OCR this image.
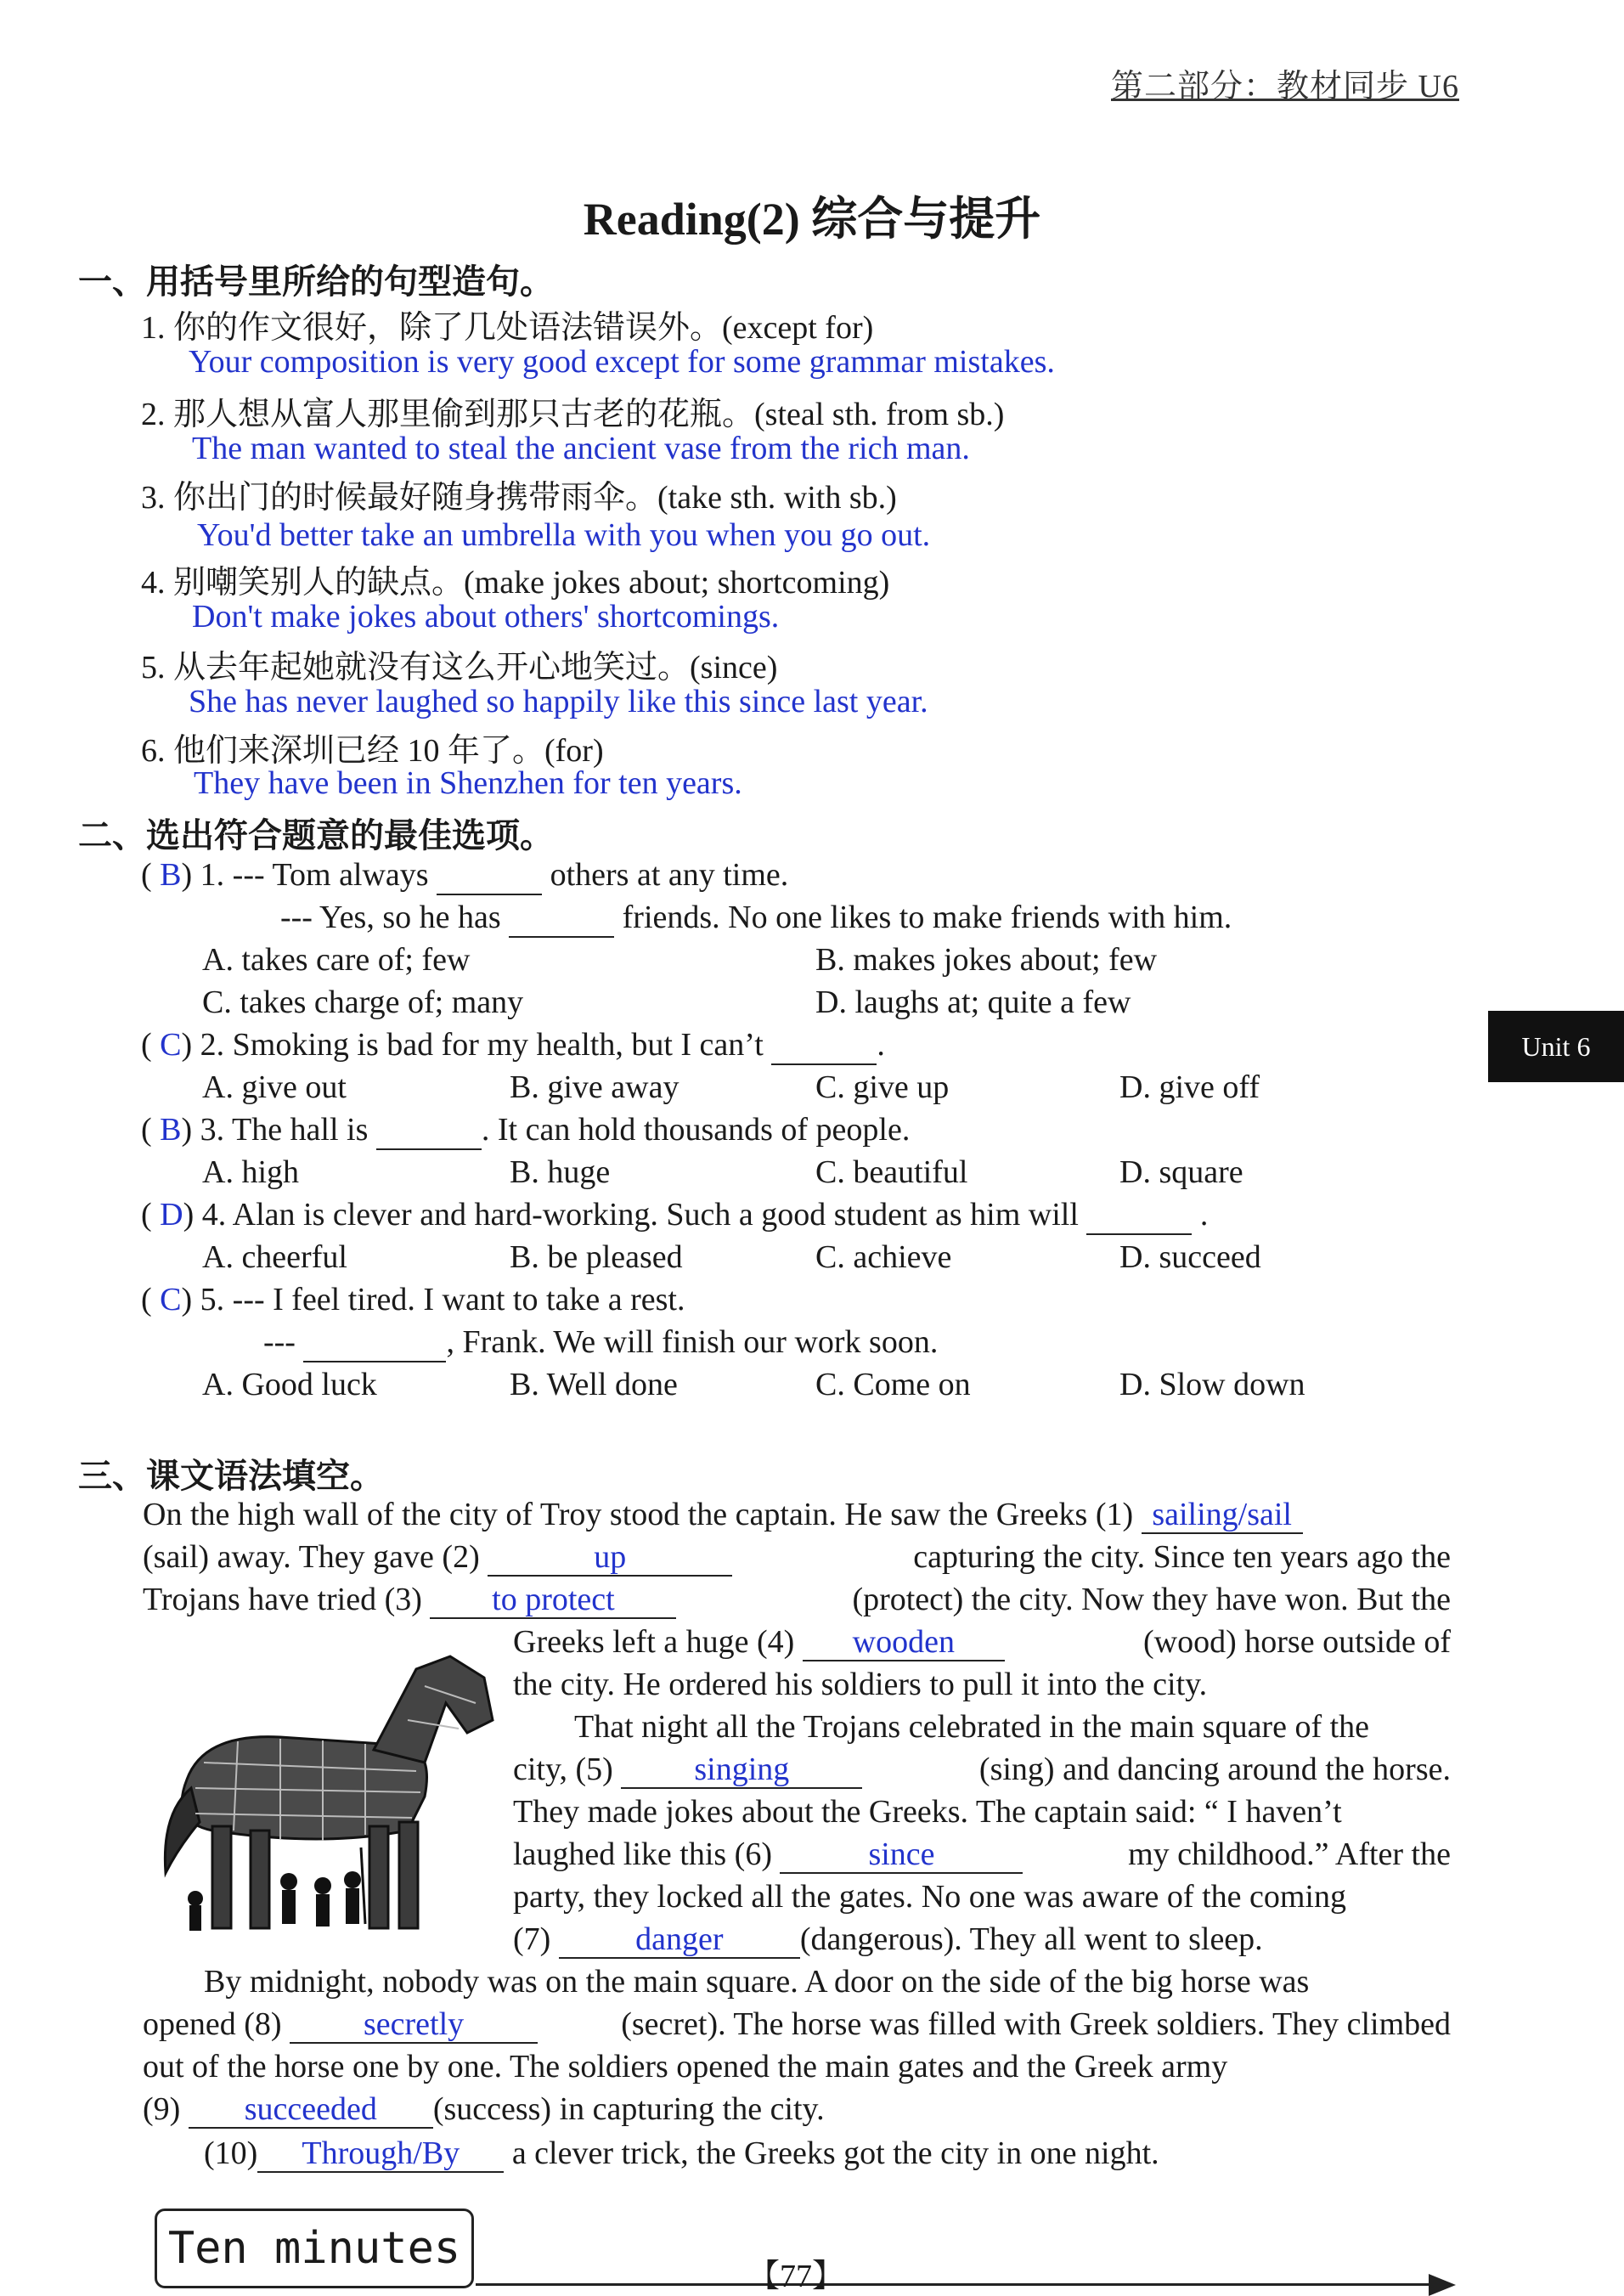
第二部分：教材同步 U6
Reading(2) 综合与提升
一、用括号里所给的句型造句。
1. 你的作文很好，除了几处语法错误外。(except for)
Your composition is very good except for some grammar mistakes.
2. 那人想从富人那里偷到那只古老的花瓶。(steal sth. from sb.)
The man wanted to steal the ancient vase from the rich man.
3. 你出门的时候最好随身携带雨伞。(take sth. with sb.)
You'd better take an umbrella with you when you go out.
4. 别嘲笑别人的缺点。(make jokes about; shortcoming)
Don't make jokes about others' shortcomings.
5. 从去年起她就没有这么开心地笑过。(since)
She has never laughed so happily like this since last year.
6. 他们来深圳已经 10 年了。(for)
They have been in Shenzhen for ten years.
二、选出符合题意的最佳选项。
( B) 1. --- Tom always	others at any time.
--- Yes, so he has	friends. No one likes to make friends with him.
A. takes care of; few	B. makes jokes about; few
C. takes charge of; many	D. laughs at; quite a few
( C) 2. Smoking is bad for my health, but I can’t	.
A. give out	B. give away	C. give up	D. give off
( B) 3. The hall is	. It can hold thousands of people.
A. high	B. huge	C. beautiful	D. square
( D) 4. Alan is clever and hard-working. Such a good student as him will	.
A. cheerful	B. be pleased	C. achieve	D. succeed
( C) 5. --- I feel tired. I want to take a rest.
---	, Frank. We will finish our work soon.
A. Good luck	B. Well done	C. Come on	D. Slow down
三、课文语法填空。
On the high wall of the city of Troy stood the captain. He saw the Greeks (1) sailing/sail
(sail) away. They gave (2)	up	capturing the city. Since ten years ago the
Trojans have tried (3) to protect	(protect) the city. Now they have won. But the
Greeks left a huge (4) wooden	(wood) horse outside of
the city. He ordered his soldiers to pull it into the city.
That night all the Trojans celebrated in the main square of the
city, (5) singing	(sing) and dancing around the horse.
They made jokes about the Greeks. The captain said: “ I haven’t
laughed like this (6)	since	my childhood.” After the
party, they locked all the gates. No one was aware of the coming
(7) danger (dangerous). They all went to sleep.
By midnight, nobody was on the main square. A door on the side of the big horse was
opened (8) secretly	(secret). The horse was filled with Greek soldiers. They climbed
out of the horse one by one. The soldiers opened the main gates and the Greek army
(9) succeeded (success) in capturing the city.
(10) Through/By a clever trick, the Greeks got the city in one night.
Unit 6
Ten minutes
【77】
